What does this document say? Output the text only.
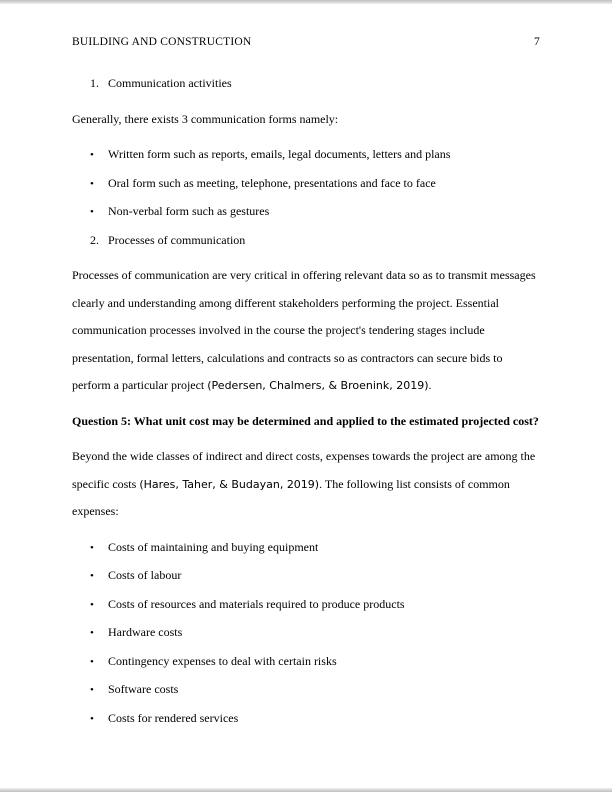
BUILDING AND CONSTRUCTION	7
1. Communication activities

Generally, there exists 3 communication forms namely:

•	Written form such as reports, emails, legal documents, letters and plans
•	Oral form such as meeting, telephone, presentations and face to face
•	Non-verbal form such as gestures
2. Processes of communication

Processes of communication are very critical in offering relevant data so as to transmit messages clearly and understanding among different stakeholders performing the project. Essential communication processes involved in the course the project's tendering stages include presentation, formal letters, calculations and contracts so as contractors can secure bids to perform a particular project (Pedersen, Chalmers, & Broenink, 2019).

Question 5: What unit cost may be determined and applied to the estimated projected cost?

Beyond the wide classes of indirect and direct costs, expenses towards the project are among the specific costs (Hares, Taher, & Budayan, 2019). The following list consists of common expenses:

•	Costs of maintaining and buying equipment
•	Costs of labour
•	Costs of resources and materials required to produce products
•	Hardware costs
•	Contingency expenses to deal with certain risks
•	Software costs
•	Costs for rendered services
